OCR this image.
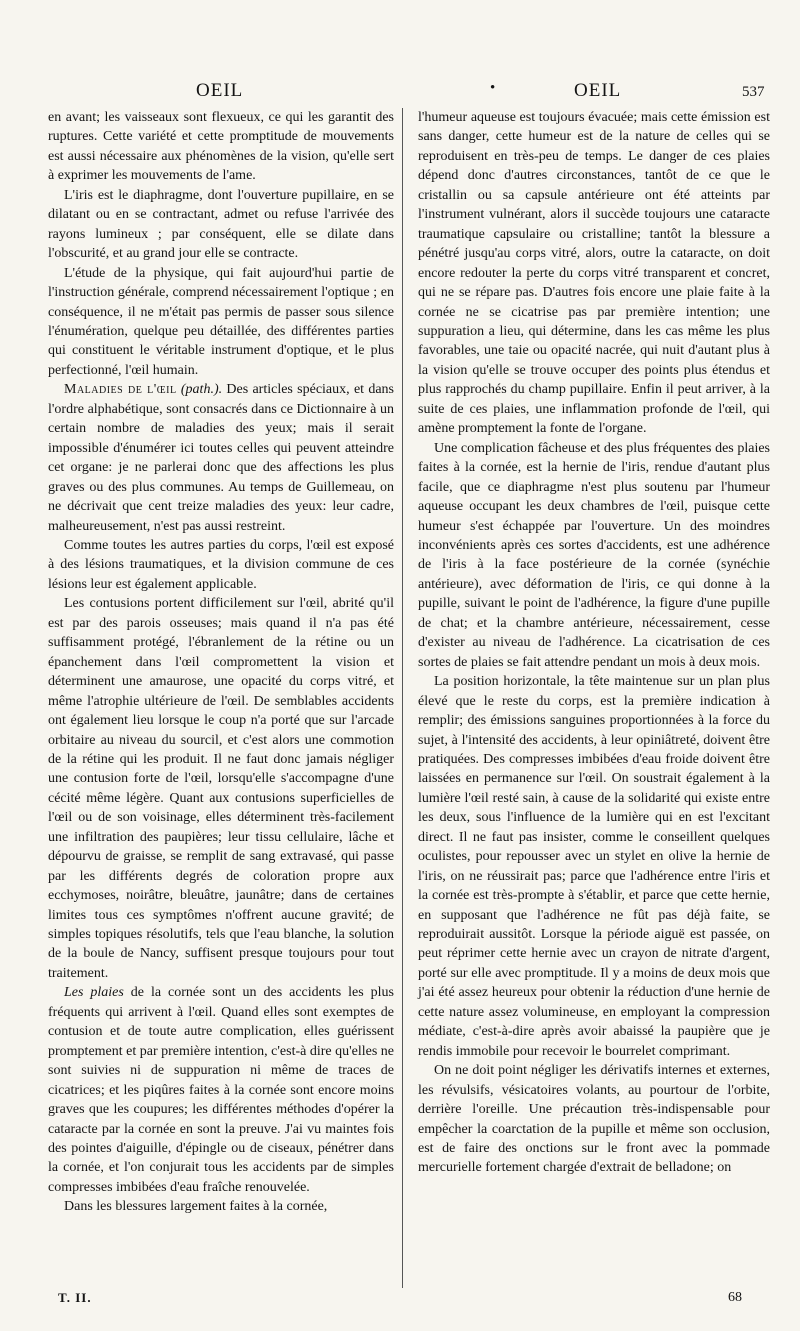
OEIL	•	OEIL	537

en avant; les vaisseaux sont flexueux, ce qui les garantit des ruptures. Cette variété et cette promptitude de mouvements est aussi nécessaire aux phénomènes de la vision, qu'elle sert à exprimer les mouvements de l'ame.

L'iris est le diaphragme, dont l'ouverture pupillaire, en se dilatant ou en se contractant, admet ou refuse l'arrivée des rayons lumineux ; par conséquent, elle se dilate dans l'obscurité, et au grand jour elle se contracte.

L'étude de la physique, qui fait aujourd'hui partie de l'instruction générale, comprend nécessairement l'optique ; en conséquence, il ne m'était pas permis de passer sous silence l'énumération, quelque peu détaillée, des différentes parties qui constituent le véritable instrument d'optique, et le plus perfectionné, l'œil humain.

Maladies de l'œil (path.). Des articles spéciaux, et dans l'ordre alphabétique, sont consacrés dans ce Dictionnaire à un certain nombre de maladies des yeux; mais il serait impossible d'énumérer ici toutes celles qui peuvent atteindre cet organe: je ne parlerai donc que des affections les plus graves ou des plus communes. Au temps de Guillemeau, on ne décrivait que cent treize maladies des yeux: leur cadre, malheureusement, n'est pas aussi restreint.

Comme toutes les autres parties du corps, l'œil est exposé à des lésions traumatiques, et la division commune de ces lésions leur est également applicable.

Les contusions portent difficilement sur l'œil, abrité qu'il est par des parois osseuses; mais quand il n'a pas été suffisamment protégé, l'ébranlement de la rétine ou un épanchement dans l'œil compromettent la vision et déterminent une amaurose, une opacité du corps vitré, et même l'atrophie ultérieure de l'œil. De semblables accidents ont également lieu lorsque le coup n'a porté que sur l'arcade orbitaire au niveau du sourcil, et c'est alors une commotion de la rétine qui les produit. Il ne faut donc jamais négliger une contusion forte de l'œil, lorsqu'elle s'accompagne d'une cécité même légère. Quant aux contusions superficielles de l'œil ou de son voisinage, elles déterminent très-facilement une infiltration des paupières; leur tissu cellulaire, lâche et dépourvu de graisse, se remplit de sang extravasé, qui passe par les différents degrés de coloration propre aux ecchymoses, noirâtre, bleuâtre, jaunâtre; dans de certaines limites tous ces symptômes n'offrent aucune gravité; de simples topiques résolutifs, tels que l'eau blanche, la solution de la boule de Nancy, suffisent presque toujours pour tout traitement.

Les plaies de la cornée sont un des accidents les plus fréquents qui arrivent à l'œil. Quand elles sont exemptes de contusion et de toute autre complication, elles guérissent promptement et par première intention, c'est-à dire qu'elles ne sont suivies ni de suppuration ni même de traces de cicatrices; et les piqûres faites à la cornée sont encore moins graves que les coupures; les différentes méthodes d'opérer la cataracte par la cornée en sont la preuve. J'ai vu maintes fois des pointes d'aiguille, d'épingle ou de ciseaux, pénétrer dans la cornée, et l'on conjurait tous les accidents par de simples compresses imbibées d'eau fraîche renouvelée.

Dans les blessures largement faites à la cornée,

l'humeur aqueuse est toujours évacuée; mais cette émission est sans danger, cette humeur est de la nature de celles qui se reproduisent en très-peu de temps. Le danger de ces plaies dépend donc d'autres circonstances, tantôt de ce que le cristallin ou sa capsule antérieure ont été atteints par l'instrument vulnérant, alors il succède toujours une cataracte traumatique capsulaire ou cristalline; tantôt la blessure a pénétré jusqu'au corps vitré, alors, outre la cataracte, on doit encore redouter la perte du corps vitré transparent et concret, qui ne se répare pas. D'autres fois encore une plaie faite à la cornée ne se cicatrise pas par première intention; une suppuration a lieu, qui détermine, dans les cas même les plus favorables, une taie ou opacité nacrée, qui nuit d'autant plus à la vision qu'elle se trouve occuper des points plus étendus et plus rapprochés du champ pupillaire. Enfin il peut arriver, à la suite de ces plaies, une inflammation profonde de l'œil, qui amène promptement la fonte de l'organe.

Une complication fâcheuse et des plus fréquentes des plaies faites à la cornée, est la hernie de l'iris, rendue d'autant plus facile, que ce diaphragme n'est plus soutenu par l'humeur aqueuse occupant les deux chambres de l'œil, puisque cette humeur s'est échappée par l'ouverture. Un des moindres inconvénients après ces sortes d'accidents, est une adhérence de l'iris à la face postérieure de la cornée (synéchie antérieure), avec déformation de l'iris, ce qui donne à la pupille, suivant le point de l'adhérence, la figure d'une pupille de chat; et la chambre antérieure, nécessairement, cesse d'exister au niveau de l'adhérence. La cicatrisation de ces sortes de plaies se fait attendre pendant un mois à deux mois.

La position horizontale, la tête maintenue sur un plan plus élevé que le reste du corps, est la première indication à remplir; des émissions sanguines proportionnées à la force du sujet, à l'intensité des accidents, à leur opiniâtreté, doivent être pratiquées. Des compresses imbibées d'eau froide doivent être laissées en permanence sur l'œil. On soustrait également à la lumière l'œil resté sain, à cause de la solidarité qui existe entre les deux, sous l'influence de la lumière qui en est l'excitant direct. Il ne faut pas insister, comme le conseillent quelques oculistes, pour repousser avec un stylet en olive la hernie de l'iris, on ne réussirait pas; parce que l'adhérence entre l'iris et la cornée est très-prompte à s'établir, et parce que cette hernie, en supposant que l'adhérence ne fût pas déjà faite, se reproduirait aussitôt. Lorsque la période aiguë est passée, on peut réprimer cette hernie avec un crayon de nitrate d'argent, porté sur elle avec promptitude. Il y a moins de deux mois que j'ai été assez heureux pour obtenir la réduction d'une hernie de cette nature assez volumineuse, en employant la compression médiate, c'est-à-dire après avoir abaissé la paupière que je rendis immobile pour recevoir le bourrelet comprimant.

On ne doit point négliger les dérivatifs internes et externes, les révulsifs, vésicatoires volants, au pourtour de l'orbite, derrière l'oreille. Une précaution très-indispensable pour empêcher la coarctation de la pupille et même son occlusion, est de faire des onctions sur le front avec la pommade mercurielle fortement chargée d'extrait de belladone; on

T. II.	68
